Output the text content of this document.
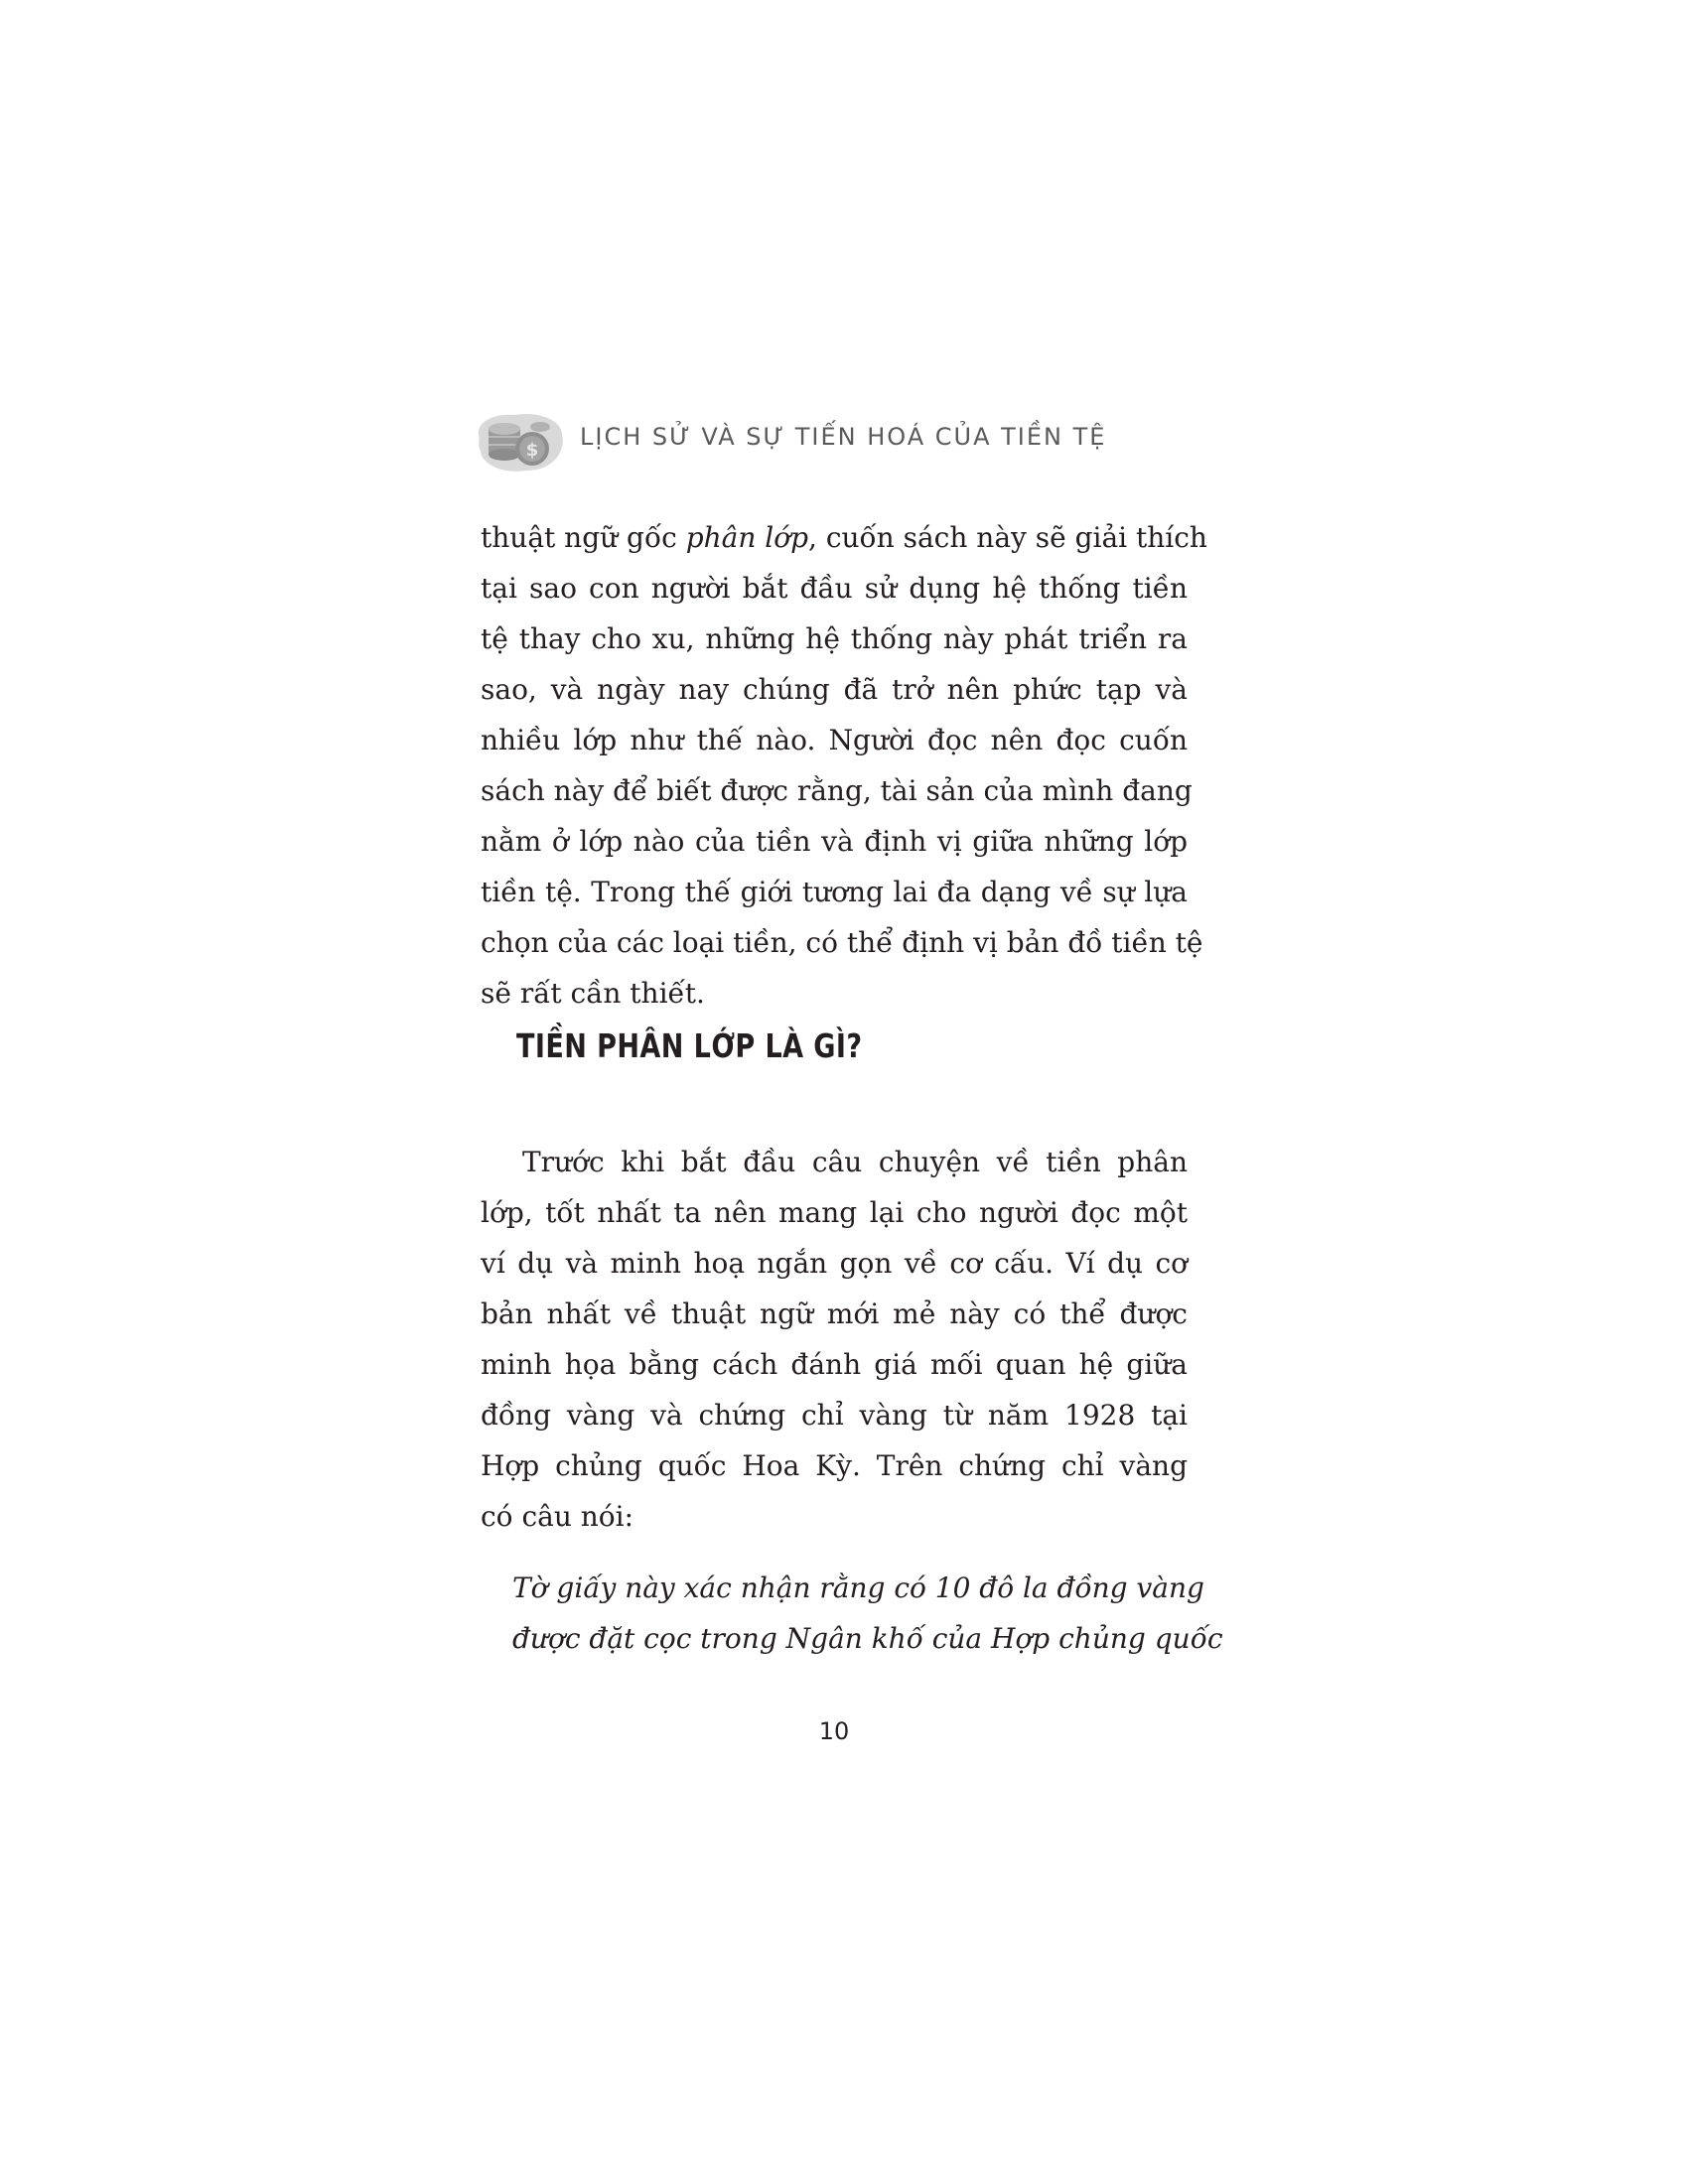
$ LỊCH SỬ VÀ SỰ TIẾN HOÁ CỦA TIỀN TỆ
thuật ngữ gốc phân lớp, cuốn sách này sẽ giải thích
tại sao con người bắt đầu sử dụng hệ thống tiền
tệ thay cho xu, những hệ thống này phát triển ra
sao, và ngày nay chúng đã trở nên phức tạp và
nhiều lớp như thế nào. Người đọc nên đọc cuốn
sách này để biết được rằng, tài sản của mình đang
nằm ở lớp nào của tiền và định vị giữa những lớp
tiền tệ. Trong thế giới tương lai đa dạng về sự lựa
chọn của các loại tiền, có thể định vị bản đồ tiền tệ
sẽ rất cần thiết.
TIỀN PHÂN LỚP LÀ GÌ?
Trước khi bắt đầu câu chuyện về tiền phân
lớp, tốt nhất ta nên mang lại cho người đọc một
ví dụ và minh hoạ ngắn gọn về cơ cấu. Ví dụ cơ
bản nhất về thuật ngữ mới mẻ này có thể được
minh họa bằng cách đánh giá mối quan hệ giữa
đồng vàng và chứng chỉ vàng từ năm 1928 tại
Hợp chủng quốc Hoa Kỳ. Trên chứng chỉ vàng
có câu nói:
Tờ giấy này xác nhận rằng có 10 đô la đồng vàng
được đặt cọc trong Ngân khố của Hợp chủng quốc
10
